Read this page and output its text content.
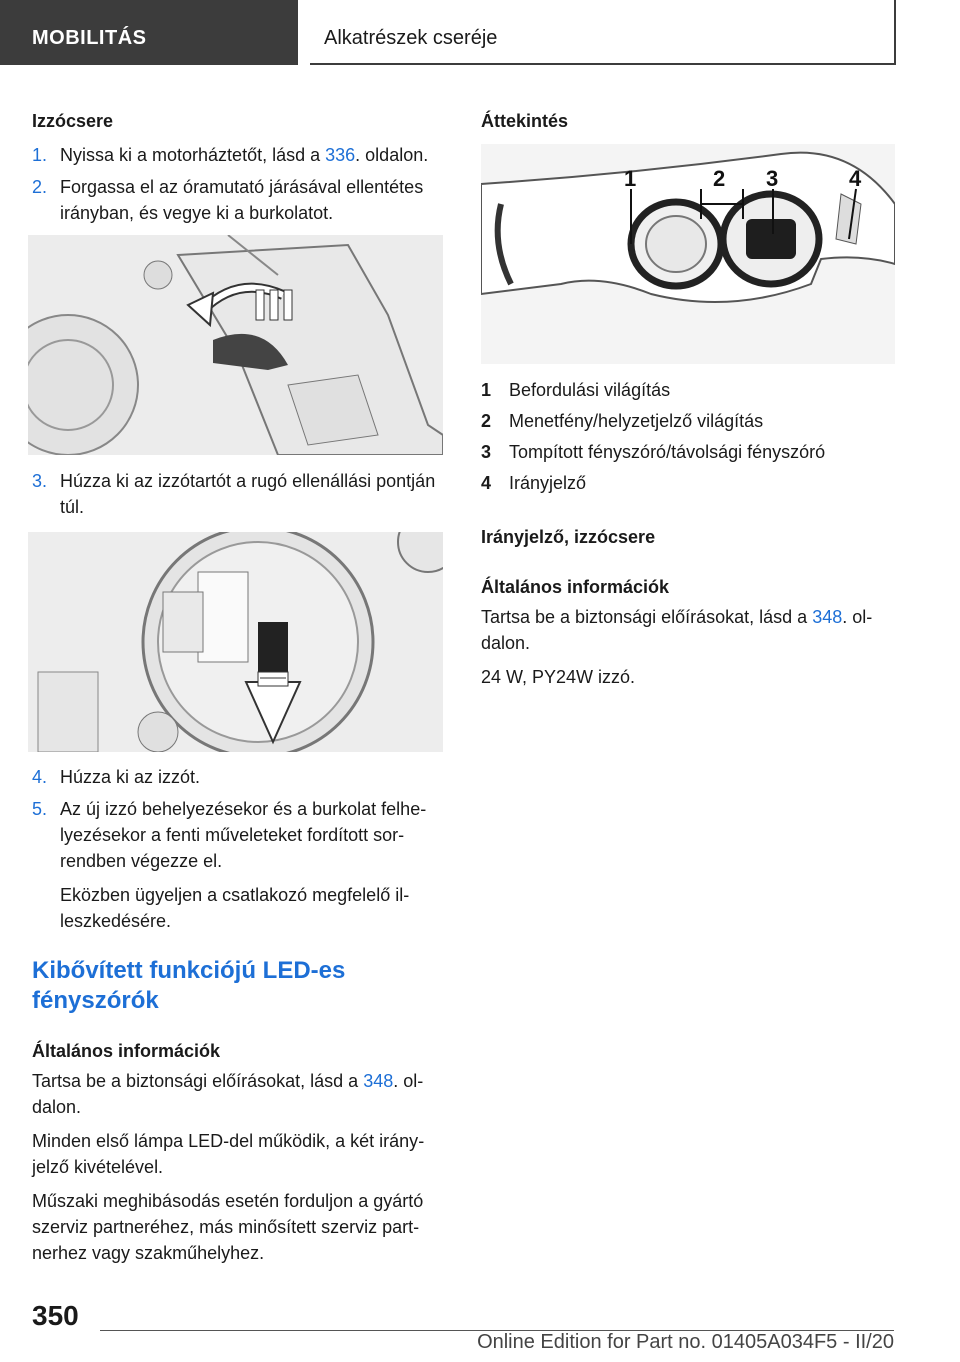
MOBILITÁS	Alkatrészek cseréje
Izzócsere
1. Nyissa ki a motorháztetőt, lásd a 336. oldalon.
2. Forgassa el az óramutató járásával ellentétes irányban, és vegye ki a burkolatot.
3. Húzza ki az izzótartót a rugó ellenállási pontján túl.
4. Húzza ki az izzót.
5. Az új izzó behelyezésekor és a burkolat felhelyezésekor a fenti műveleteket fordított sorrendben végezze el.
Eközben ügyeljen a csatlakozó megfelelő illeszkedésére.
Kibővített funkciójú LED-es fényszórók
Általános információk

Tartsa be a biztonsági előírásokat, lásd a 348. oldalon.

Minden első lámpa LED-del működik, a két irányjelző kivételével.

Műszaki meghibásodás esetén forduljon a gyártó szerviz partneréhez, más minősített szerviz partnerhez vagy szakműhelyhez.

Áttekintés
1	2 3	4
1 Befordulási világítás
2 Menetfény/helyzetjelző világítás
3 Tompított fényszóró/távolsági fényszóró
4 Irányjelző
Irányjelző, izzócsere
Általános információk

Tartsa be a biztonsági előírásokat, lásd a 348. oldalon.

24 W, PY24W izzó.

350
Online Edition for Part no. 01405A034F5 - II/20
